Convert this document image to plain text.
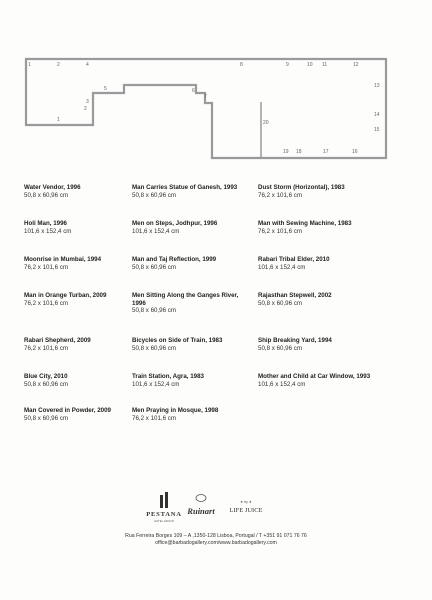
1	2	4	8	9	10 11	12
13
14
15
16
17
18
19
20
5	6
7
3
2
1
Water Vendor, 1996
50,8 x 60,96 cm
Holi Man, 1996
101,6 x 152,4 cm
Moonrise in Mumbai, 1994
76,2 x 101,6 cm
Man in Orange Turban, 2009
76,2 x 101,6 cm
Rabari Shepherd, 2009
76,2 x 101,6 cm
Blue City, 2010
50,8 x 60,96 cm
Man Covered in Powder, 2009
50,8 x 60,96 cm
Man Carries Statue of Ganesh, 1993
50,8 x 60,96 cm
Men on Steps, Jodhpur, 1996
101,6 x 152,4 cm
Man and Taj Reflection, 1999
50,8 x 60,96 cm
Men Sitting Along the Ganges River, 1996
50,8 x 60,96 cm
Bicycles on Side of Train, 1983
50,8 x 60,96 cm
Train Station, Agra, 1983
101,6 x 152,4 cm
Men Praying in Mosque, 1998
76,2 x 101,6 cm
Dust Storm (Horizontal), 1983
76,2 x 101,6 cm
Man with Sewing Machine, 1983
76,2 x 101,6 cm
Rabari Tribal Elder, 2010
101,6 x 152,4 cm
Rajasthan Stepwell, 2002
50,8 x 60,96 cm
Ship Breaking Yard, 1994
50,8 x 60,96 cm
Mother and Child at Car Window, 1993
101,6 x 152,4 cm
PESTANA
HOTEL GROUP
Ruinart
★ by ★
LIFE JUICE
Rua Ferreira Borges 109 – A ,1350-128 Lisboa, Portugal / T +351 91 071 76 76
office@barbadogallery.com/www.barbadogallery.com
